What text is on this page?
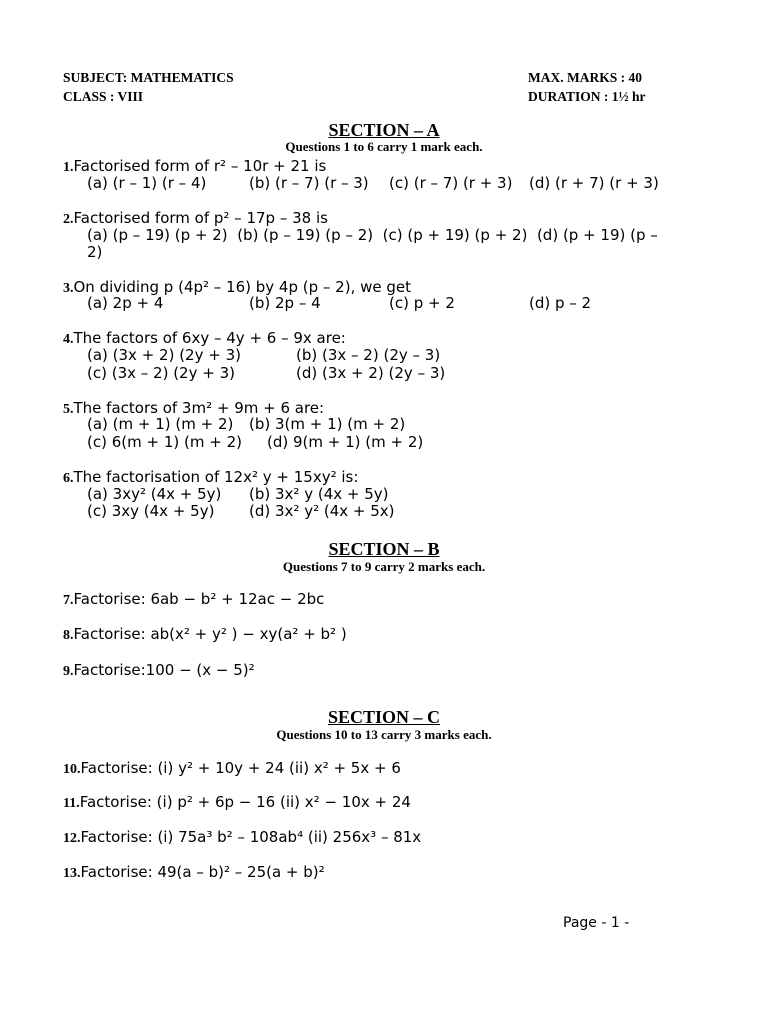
SUBJECT: MATHEMATICS	MAX. MARKS : 40
CLASS : VIII	DURATION : 1½ hr
SECTION – A
Questions 1 to 6 carry 1 mark each.
1.Factorised form of r² – 10r + 21 is
(a) (r – 1) (r – 4)	(b) (r – 7) (r – 3) (c) (r – 7) (r + 3) (d) (r + 7) (r + 3)
2.Factorised form of p² – 17p – 38 is
(a) (p – 19) (p + 2)  (b) (p – 19) (p – 2)  (c) (p + 19) (p + 2)  (d) (p + 19) (p –
2)
3.On dividing p (4p² – 16) by 4p (p – 2), we get
(a) 2p + 4	(b) 2p – 4	(c) p + 2	(d) p – 2
4.The factors of 6xy – 4y + 6 – 9x are:
(a) (3x + 2) (2y + 3)	(b) (3x – 2) (2y – 3)
(c) (3x – 2) (2y + 3)	(d) (3x + 2) (2y – 3)
5.The factors of 3m² + 9m + 6 are:
(a) (m + 1) (m + 2) (b) 3(m + 1) (m + 2)
(c) 6(m + 1) (m + 2) (d) 9(m + 1) (m + 2)
6.The factorisation of 12x² y + 15xy² is:
(a) 3xy² (4x + 5y) (b) 3x² y (4x + 5y)
(c) 3xy (4x + 5y) (d) 3x² y² (4x + 5x)
SECTION – B
Questions 7 to 9 carry 2 marks each.
7.Factorise: 6ab − b² + 12ac − 2bc
8.Factorise: ab(x² + y² ) − xy(a² + b² )
9.Factorise:100 − (x − 5)²
SECTION – C
Questions 10 to 13 carry 3 marks each.
10.Factorise: (i) y² + 10y + 24 (ii) x² + 5x + 6
11.Factorise: (i) p² + 6p − 16 (ii) x² − 10x + 24
12.Factorise: (i) 75a³ b² – 108ab⁴ (ii) 256x³ – 81x
13.Factorise: 49(a – b)² – 25(a + b)²
Page - 1 -
